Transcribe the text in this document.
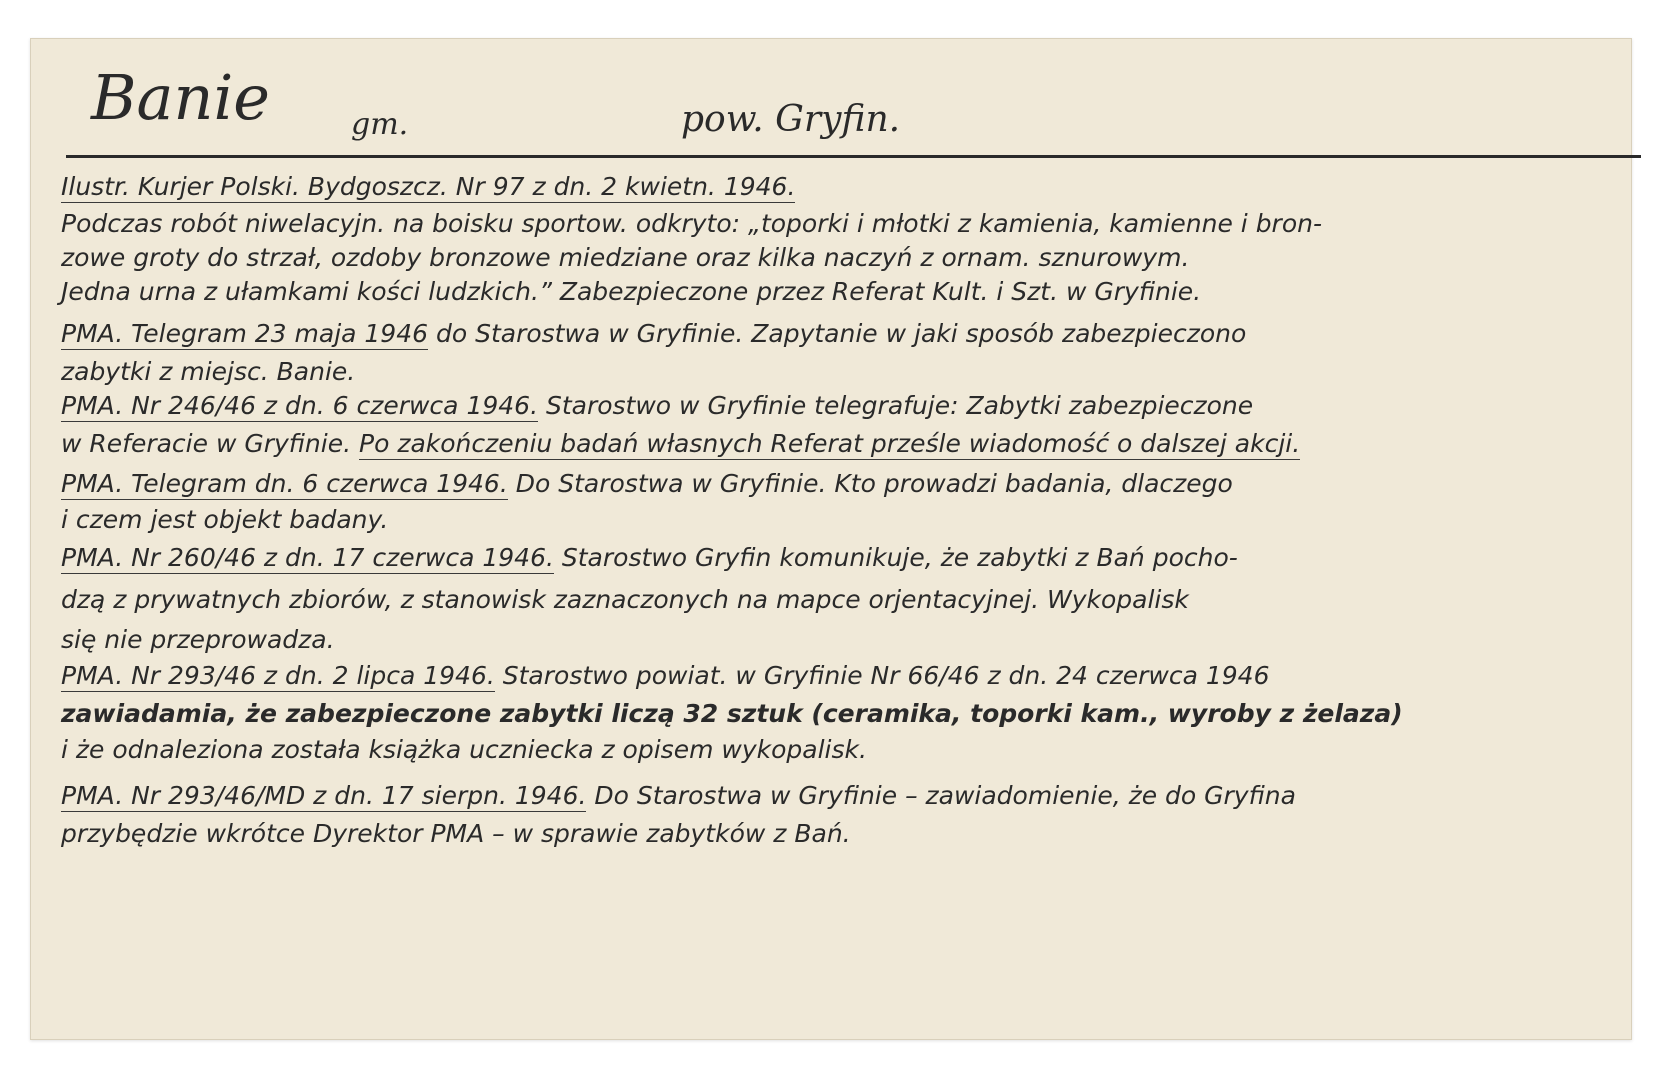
Banie	gm.	pow. Gryfin.
Ilustr. Kurjer Polski. Bydgoszcz. Nr 97 z dn. 2 kwietn. 1946.
Podczas robót niwelacyjn. na boisku sportow. odkryto: „toporki i młotki z kamienia, kamienne i bron-
zowe groty do strzał, ozdoby bronzowe miedziane oraz kilka naczyń z ornam. sznurowym.
Jedna urna z ułamkami kości ludzkich.” Zabezpieczone przez Referat Kult. i Szt. w Gryfinie.
PMA. Telegram 23 maja 1946 do Starostwa w Gryfinie. Zapytanie w jaki sposób zabezpieczono
zabytki z miejsc. Banie.
PMA. Nr 246/46 z dn. 6 czerwca 1946. Starostwo w Gryfinie telegrafuje: Zabytki zabezpieczone
w Referacie w Gryfinie. Po zakończeniu badań własnych Referat prześle wiadomość o dalszej akcji.
PMA. Telegram dn. 6 czerwca 1946. Do Starostwa w Gryfinie. Kto prowadzi badania, dlaczego
i czem jest objekt badany.
PMA. Nr 260/46 z dn. 17 czerwca 1946. Starostwo Gryfin komunikuje, że zabytki z Bań pocho-
dzą z prywatnych zbiorów, z stanowisk zaznaczonych na mapce orjentacyjnej. Wykopalisk
się nie przeprowadza.
PMA. Nr 293/46 z dn. 2 lipca 1946. Starostwo powiat. w Gryfinie Nr 66/46 z dn. 24 czerwca 1946
zawiadamia, że zabezpieczone zabytki liczą 32 sztuk (ceramika, toporki kam., wyroby z żelaza)
i że odnaleziona została książka uczniecka z opisem wykopalisk.
PMA. Nr 293/46/MD z dn. 17 sierpn. 1946. Do Starostwa w Gryfinie – zawiadomienie, że do Gryfina
przybędzie wkrótce Dyrektor PMA – w sprawie zabytków z Bań.
